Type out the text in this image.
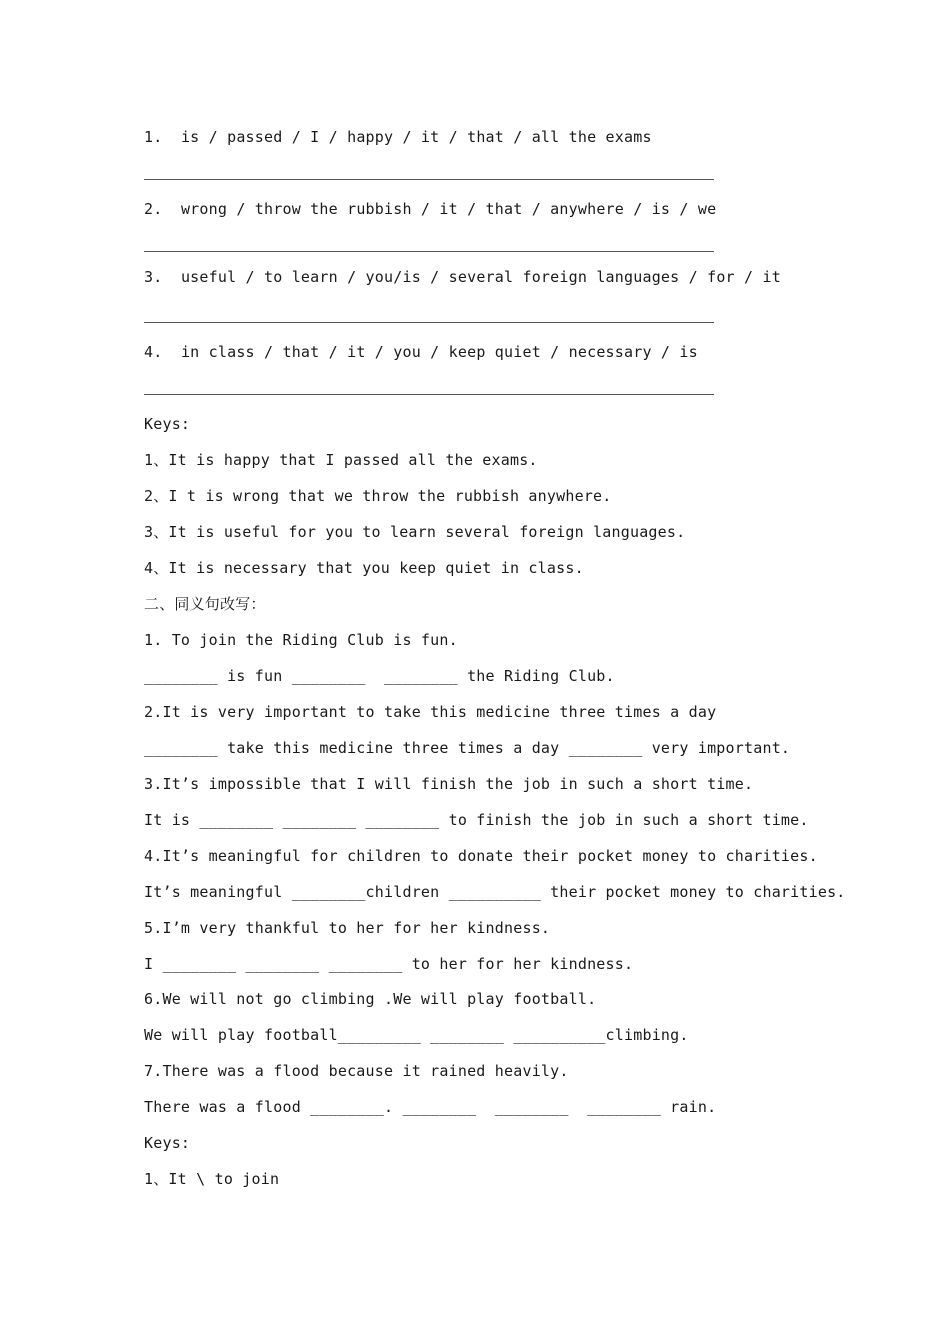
1. is / passed / I / happy / it / that / all the exams
2. wrong / throw the rubbish / it / that / anywhere / is / we
3. useful / to learn / you/is / several foreign languages / for / it
4. in class / that / it / you / keep quiet / necessary / is
Keys:
1、It is happy that I passed all the exams.
2、I t is wrong that we throw the rubbish anywhere.
3、It is useful for you to learn several foreign languages.
4、It is necessary that you keep quiet in class.
二、同义句改写：
1. To join the Riding Club is fun.
________ is fun ________  ________ the Riding Club.
2.It is very important to take this medicine three times a day
________ take this medicine three times a day ________ very important.
3.It’s impossible that I will finish the job in such a short time.
It is ________ ________ ________ to finish the job in such a short time.
4.It’s meaningful for children to donate their pocket money to charities.
It’s meaningful ________children __________ their pocket money to charities.
5.I’m very thankful to her for her kindness.
I ________ ________ ________ to her for her kindness.
6.We will not go climbing .We will play football.
We will play football_________ ________ __________climbing.
7.There was a flood because it rained heavily.
There was a flood ________. ________  ________  ________ rain.
Keys:
1、It \ to join
